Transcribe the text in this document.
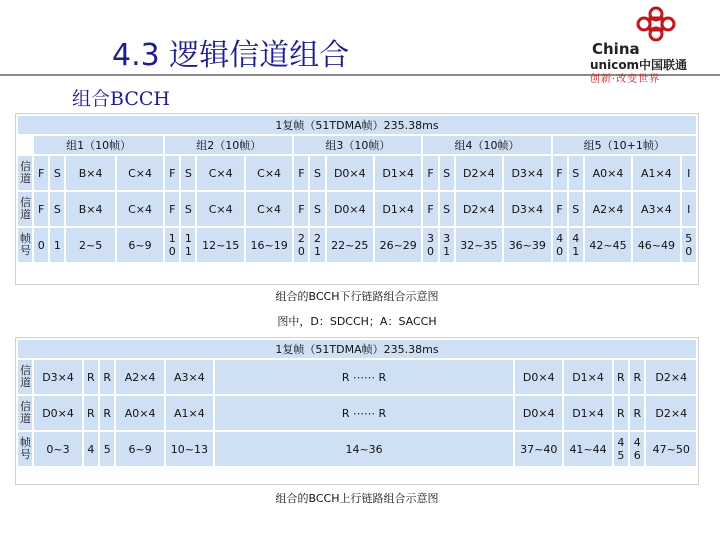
4.3 逻辑信道组合
组合BCCH
China
unicom中国联通
创新·改变世界
1复帧（51TDMA帧）235.38ms																					
	组1（10帧）				组2（10帧）				组3（10帧）				组4（10帧）				组5（10+1帧）				
信道	F	S	B×4	C×4	F	S	C×4	C×4	F	S	D0×4	D1×4	F	S	D2×4	D3×4	F	S	A0×4	A1×4	I
信道	F	S	B×4	C×4	F	S	C×4	C×4	F	S	D0×4	D1×4	F	S	D2×4	D3×4	F	S	A2×4	A3×4	I
帧号	0	1	2~5	6~9	1 0	1 1	12~15	16~19	2 0	2 1	22~25	26~29	3 0	3 1	32~35	36~39	4 0	4 1	42~45	46~49	5 0
组合的BCCH下行链路组合示意图
图中，D：SDCCH；A：SACCH
1复帧（51TDMA帧）235.38ms											
信道	D3×4	R	R	A2×4	A3×4	R ⋯⋯ R	D0×4	D1×4	R	R	D2×4
信道	D0×4	R	R	A0×4	A1×4	R ⋯⋯ R	D0×4	D1×4	R	R	D2×4
帧号	0~3	4	5	6~9	10~13	14~36	37~40	41~44	4 5	4 6	47~50
组合的BCCH上行链路组合示意图
